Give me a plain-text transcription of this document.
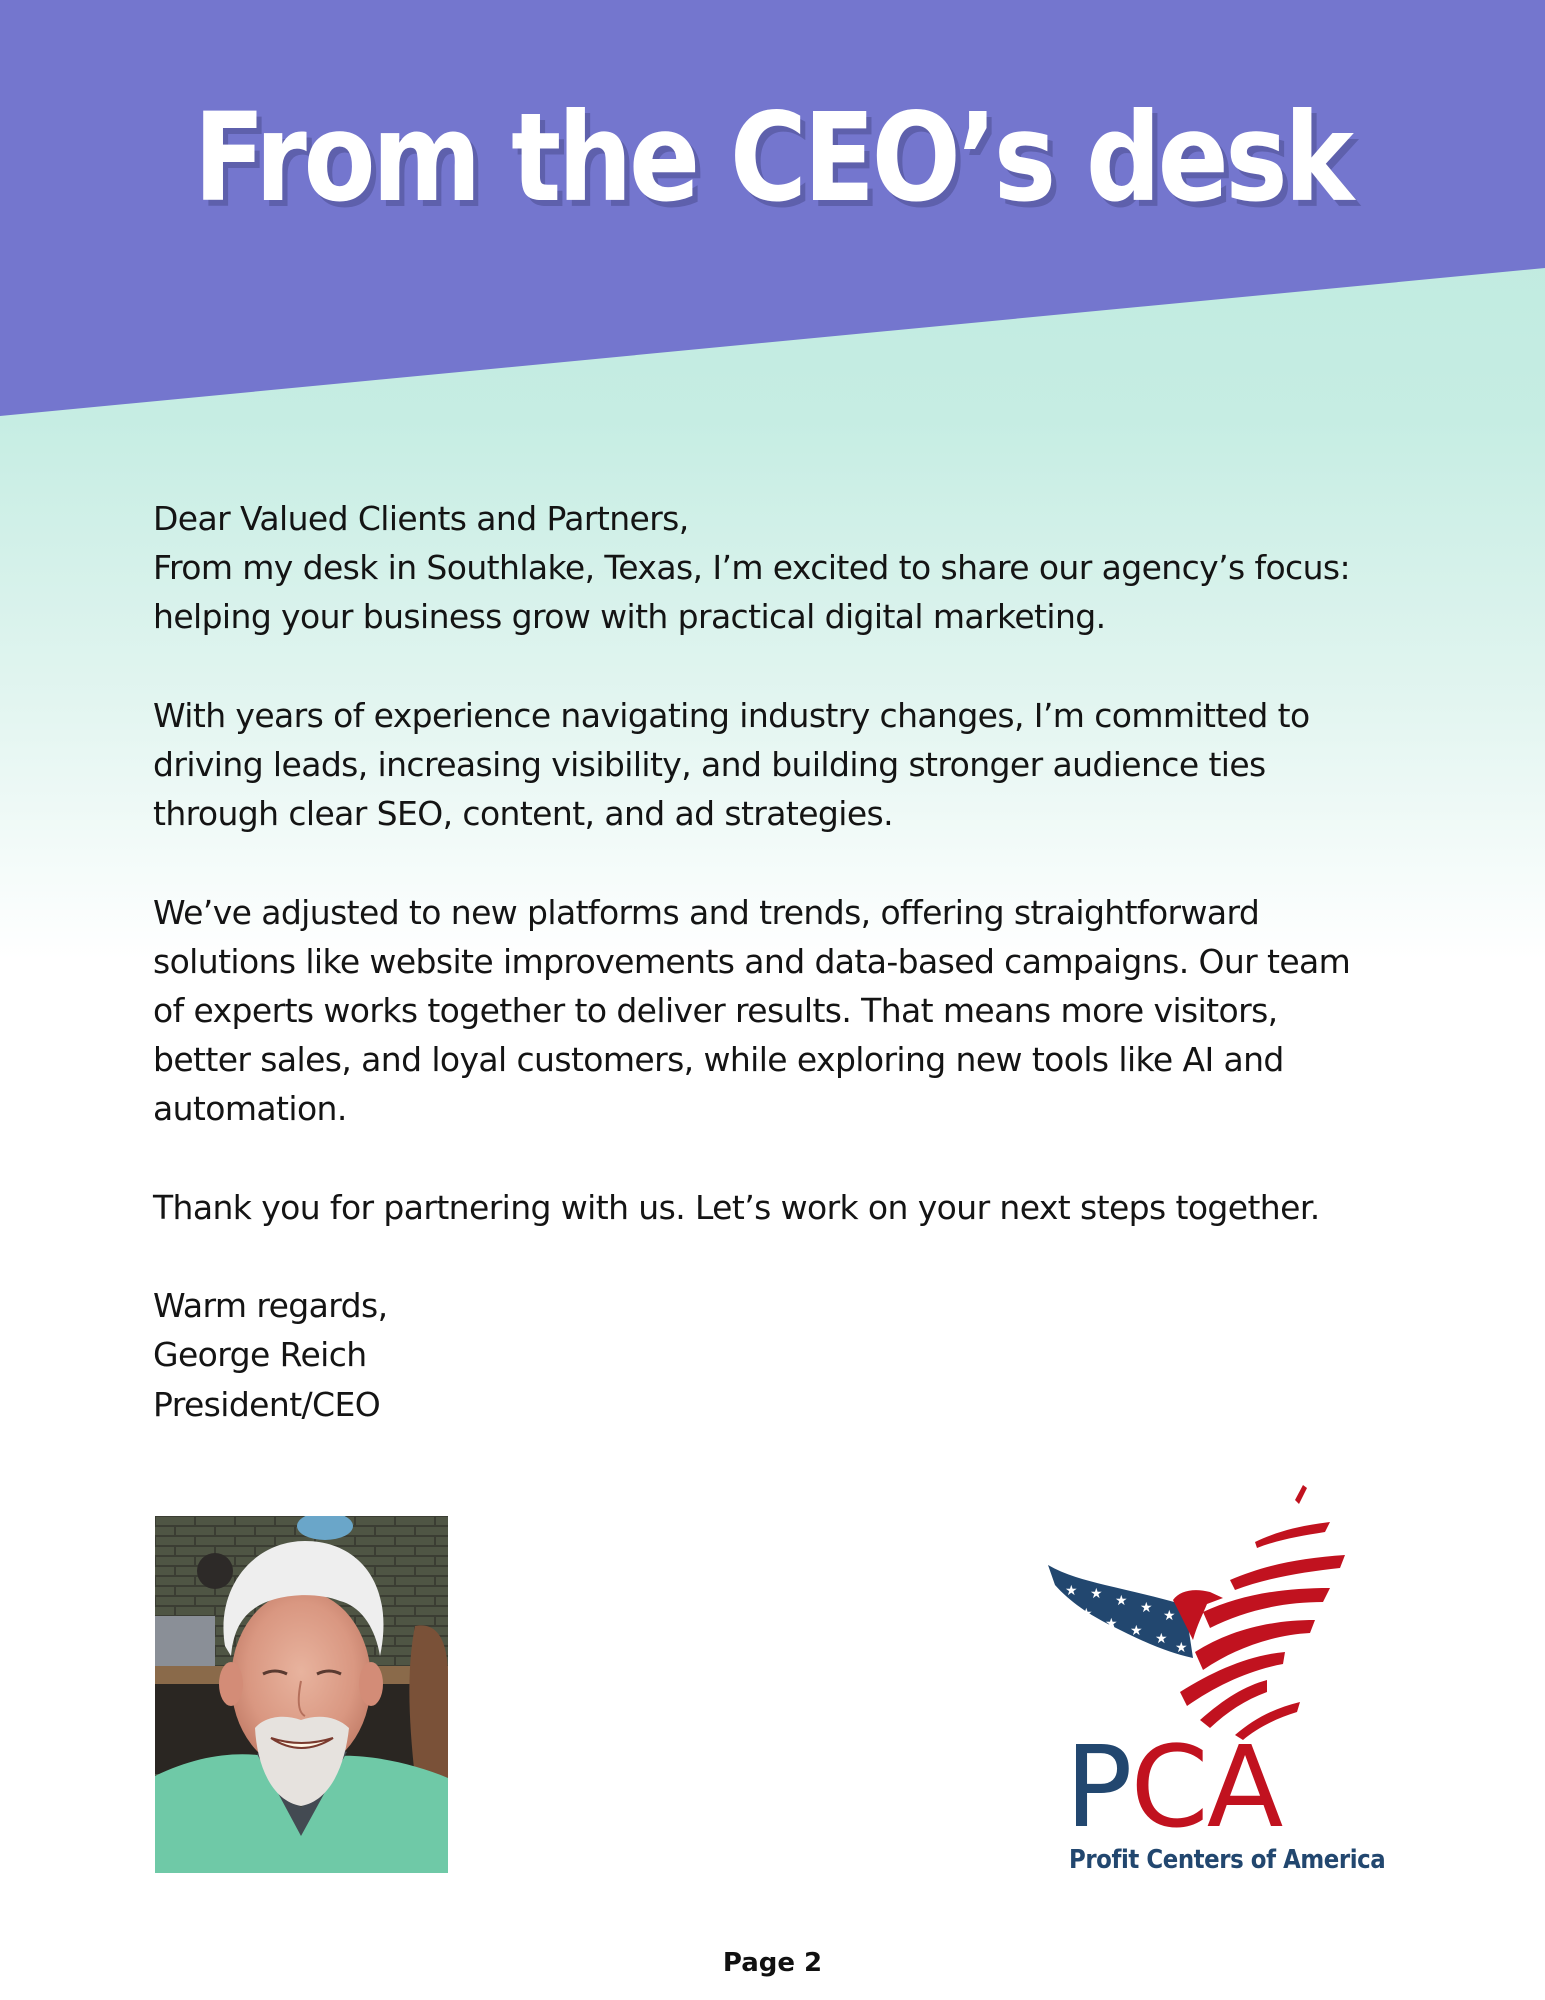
From the CEO’s desk

Dear Valued Clients and Partners,

From my desk in Southlake, Texas, I’m excited to share our agency’s focus:

helping your business grow with practical digital marketing.

With years of experience navigating industry changes, I’m committed to

driving leads, increasing visibility, and building stronger audience ties

through clear SEO, content, and ad strategies.

We’ve adjusted to new platforms and trends, offering straightforward

solutions like website improvements and data-based campaigns. Our team

of experts works together to deliver results. That means more visitors,

better sales, and loyal customers, while exploring new tools like AI and

automation.

Thank you for partnering with us. Let’s work on your next steps together.

Warm regards,

George Reich

President/CEO

★ ★ ★ ★ ★
★
★ ★ ★
★
PCA
Profit Centers of America
Page 2
